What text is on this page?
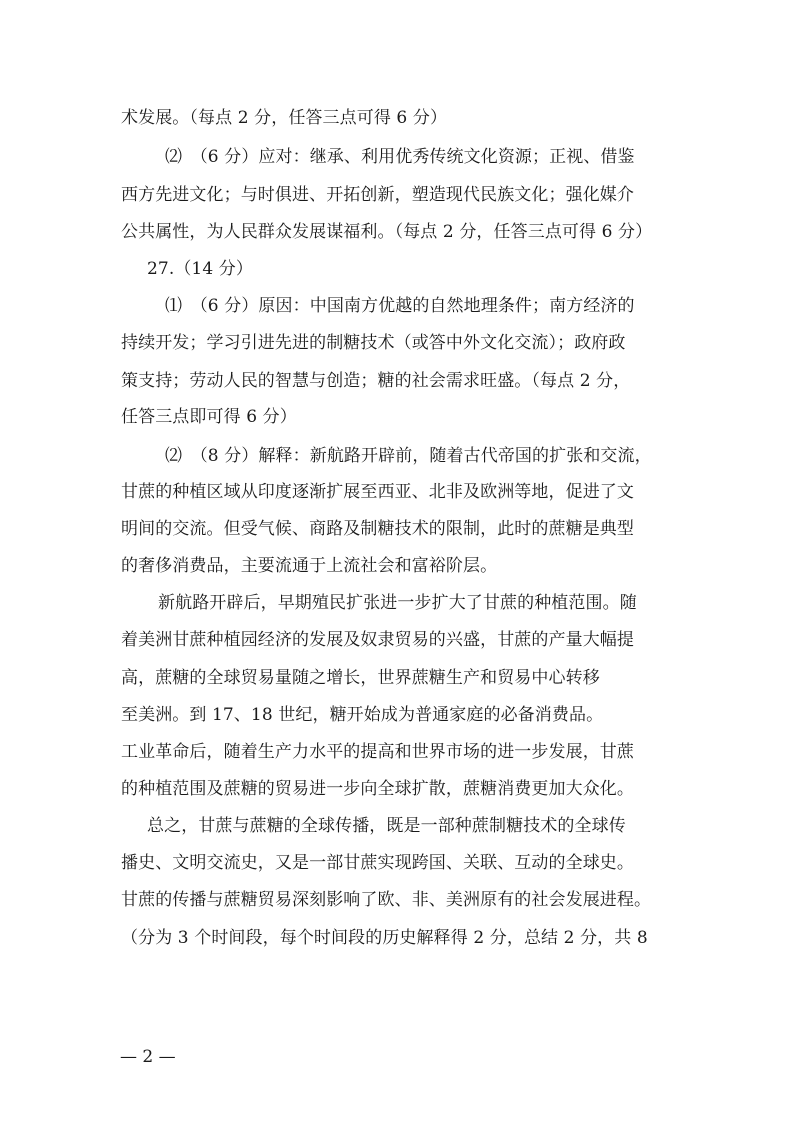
术发展。（每点 2 分，任答三点可得 6 分）
⑵　（6 分）应对：继承、利用优秀传统文化资源；正视、借鉴
西方先进文化；与时俱进、开拓创新，塑造现代民族文化；强化媒介
公共属性，为人民群众发展谋福利。（每点 2 分，任答三点可得 6 分）
27.（14 分）
⑴　（6 分）原因：中国南方优越的自然地理条件；南方经济的
持续开发；学习引进先进的制糖技术（或答中外文化交流）；政府政
策支持；劳动人民的智慧与创造；糖的社会需求旺盛。（每点 2 分，
任答三点即可得 6 分）
⑵　（8 分）解释：新航路开辟前，随着古代帝国的扩张和交流，
甘蔗的种植区域从印度逐渐扩展至西亚、北非及欧洲等地，促进了文
明间的交流。但受气候、商路及制糖技术的限制，此时的蔗糖是典型
的奢侈消费品，主要流通于上流社会和富裕阶层。
新航路开辟后，早期殖民扩张进一步扩大了甘蔗的种植范围。随
着美洲甘蔗种植园经济的发展及奴隶贸易的兴盛，甘蔗的产量大幅提
高，蔗糖的全球贸易量随之增长，世界蔗糖生产和贸易中心转移
至美洲。到 17、18 世纪，糖开始成为普通家庭的必备消费品。
工业革命后，随着生产力水平的提高和世界市场的进一步发展，甘蔗
的种植范围及蔗糖的贸易进一步向全球扩散，蔗糖消费更加大众化。
总之，甘蔗与蔗糖的全球传播，既是一部种蔗制糖技术的全球传
播史、文明交流史，又是一部甘蔗实现跨国、关联、互动的全球史。
甘蔗的传播与蔗糖贸易深刻影响了欧、非、美洲原有的社会发展进程。
（分为 3 个时间段，每个时间段的历史解释得 2 分，总结 2 分，共 8
— 2 —
